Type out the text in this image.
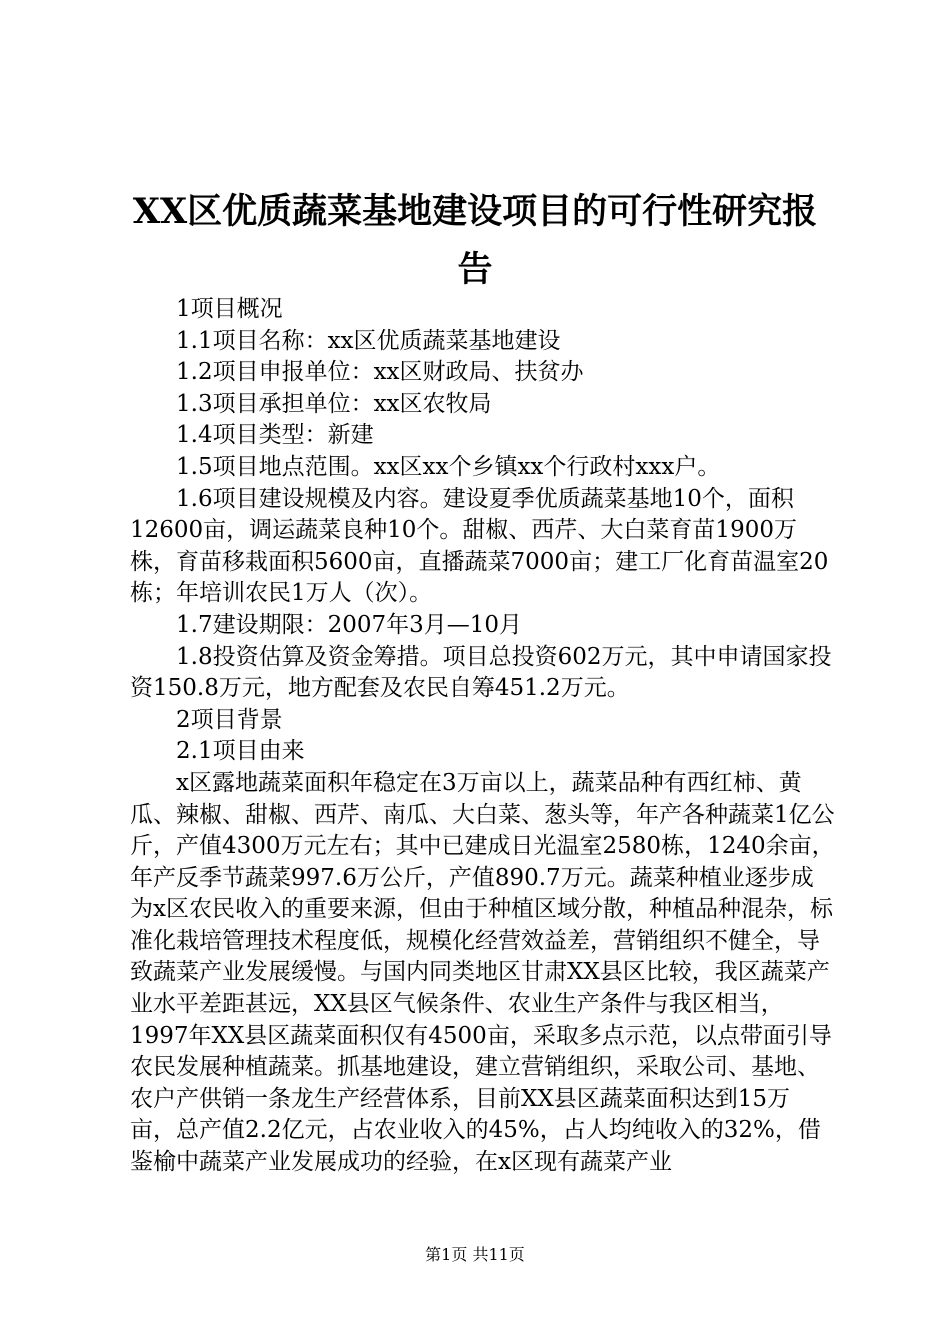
XX区优质蔬菜基地建设项目的可行性研究报
告

1项目概况

1.1项目名称：xx区优质蔬菜基地建设

1.2项目申报单位：xx区财政局、扶贫办

1.3项目承担单位：xx区农牧局

1.4项目类型：新建

1.5项目地点范围。xx区xx个乡镇xx个行政村xxx户。

1.6项目建设规模及内容。建设夏季优质蔬菜基地10个，面积12600亩，调运蔬菜良种10个。甜椒、西芹、大白菜育苗1900万株，育苗移栽面积5600亩，直播蔬菜7000亩；建工厂化育苗温室20栋；年培训农民1万人（次）。

1.7建设期限：2007年3月—10月

1.8投资估算及资金筹措。项目总投资602万元，其中申请国家投资150.8万元，地方配套及农民自筹451.2万元。

2项目背景

2.1项目由来

x区露地蔬菜面积年稳定在3万亩以上，蔬菜品种有西红柿、黄瓜、辣椒、甜椒、西芹、南瓜、大白菜、葱头等，年产各种蔬菜1亿公斤，产值4300万元左右；其中已建成日光温室2580栋，1240余亩，年产反季节蔬菜997.6万公斤，产值890.7万元。蔬菜种植业逐步成为x区农民收入的重要来源，但由于种植区域分散，种植品种混杂，标准化栽培管理技术程度低，规模化经营效益差，营销组织不健全，导致蔬菜产业发展缓慢。与国内同类地区甘肃XX县区比较，我区蔬菜产业水平差距甚远，XX县区气候条件、农业生产条件与我区相当，1997年XX县区蔬菜面积仅有4500亩，采取多点示范，以点带面引导农民发展种植蔬菜。抓基地建设，建立营销组织，采取公司、基地、农户产供销一条龙生产经营体系，目前XX县区蔬菜面积达到15万亩，总产值2.2亿元，占农业收入的45%，占人均纯收入的32%，借鉴榆中蔬菜产业发展成功的经验，在x区现有蔬菜产业

第1页 共11页
